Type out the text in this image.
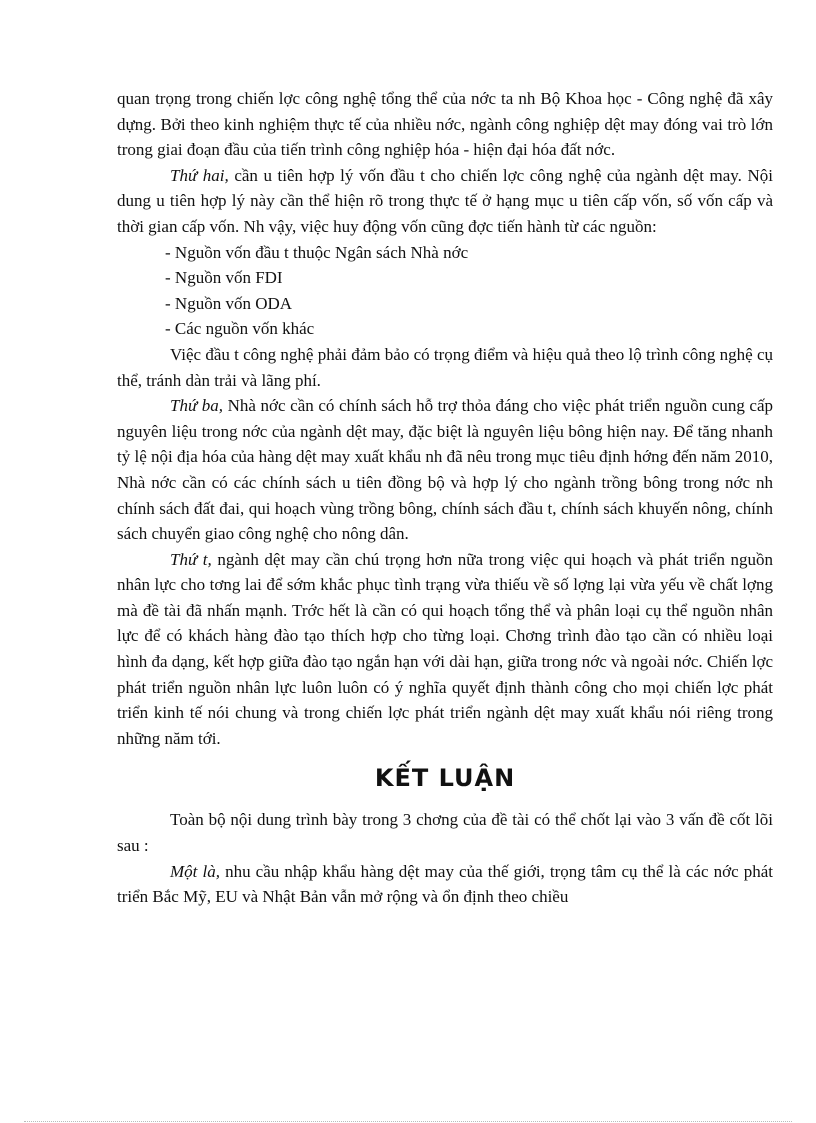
quan trọng trong chiến lợc công nghệ tổng thể của nớc ta nh Bộ Khoa học - Công nghệ đã xây dựng. Bởi theo kinh nghiệm thực tế của nhiều nớc, ngành công nghiệp dệt may đóng vai trò lớn trong giai đoạn đầu của tiến trình công nghiệp hóa - hiện đại hóa đất nớc.

Thứ hai, cần u tiên hợp lý vốn đầu t cho chiến lợc công nghệ của ngành dệt may. Nội dung u tiên hợp lý này cần thể hiện rõ trong thực tế ở hạng mục u tiên cấp vốn, số vốn cấp và thời gian cấp vốn. Nh vậy, việc huy động vốn cũng đợc tiến hành từ các nguồn:

- Nguồn vốn đầu t thuộc Ngân sách Nhà nớc

- Nguồn vốn FDI

- Nguồn vốn ODA

- Các nguồn vốn khác

Việc đầu t công nghệ phải đảm bảo có trọng điểm và hiệu quả theo lộ trình công nghệ cụ thể, tránh dàn trải và lãng phí.

Thứ ba, Nhà nớc cần có chính sách hỗ trợ thỏa đáng cho việc phát triển nguồn cung cấp nguyên liệu trong nớc của ngành dệt may, đặc biệt là nguyên liệu bông hiện nay. Để tăng nhanh tỷ lệ nội địa hóa của hàng dệt may xuất khẩu nh đã nêu trong mục tiêu định hớng đến năm 2010, Nhà nớc cần có các chính sách u tiên đồng bộ và hợp lý cho ngành trồng bông trong nớc nh chính sách đất đai, qui hoạch vùng trồng bông, chính sách đầu t, chính sách khuyến nông, chính sách chuyển giao công nghệ cho nông dân.

Thứ t, ngành dệt may cần chú trọng hơn nữa trong việc qui hoạch và phát triển nguồn nhân lực cho tơng lai để sớm khắc phục tình trạng vừa thiếu về số lợng lại vừa yếu về chất lợng mà đề tài đã nhấn mạnh. Trớc hết là cần có qui hoạch tổng thể và phân loại cụ thể nguồn nhân lực để có khách hàng đào tạo thích hợp cho từng loại. Chơng trình đào tạo cần có nhiều loại hình đa dạng, kết hợp giữa đào tạo ngắn hạn với dài hạn, giữa trong nớc và ngoài nớc. Chiến lợc phát triển nguồn nhân lực luôn luôn có ý nghĩa quyết định thành công cho mọi chiến lợc phát triển kinh tế nói chung và trong chiến lợc phát triển ngành dệt may xuất khẩu nói riêng trong những năm tới.

KẾT LUẬN

Toàn bộ nội dung trình bày trong 3 chơng của đề tài có thể chốt lại vào 3 vấn đề cốt lõi sau :

Một là, nhu cầu nhập khẩu hàng dệt may của thế giới, trọng tâm cụ thể là các nớc phát triển Bắc Mỹ, EU và Nhật Bản vẫn mở rộng và ổn định theo chiều
